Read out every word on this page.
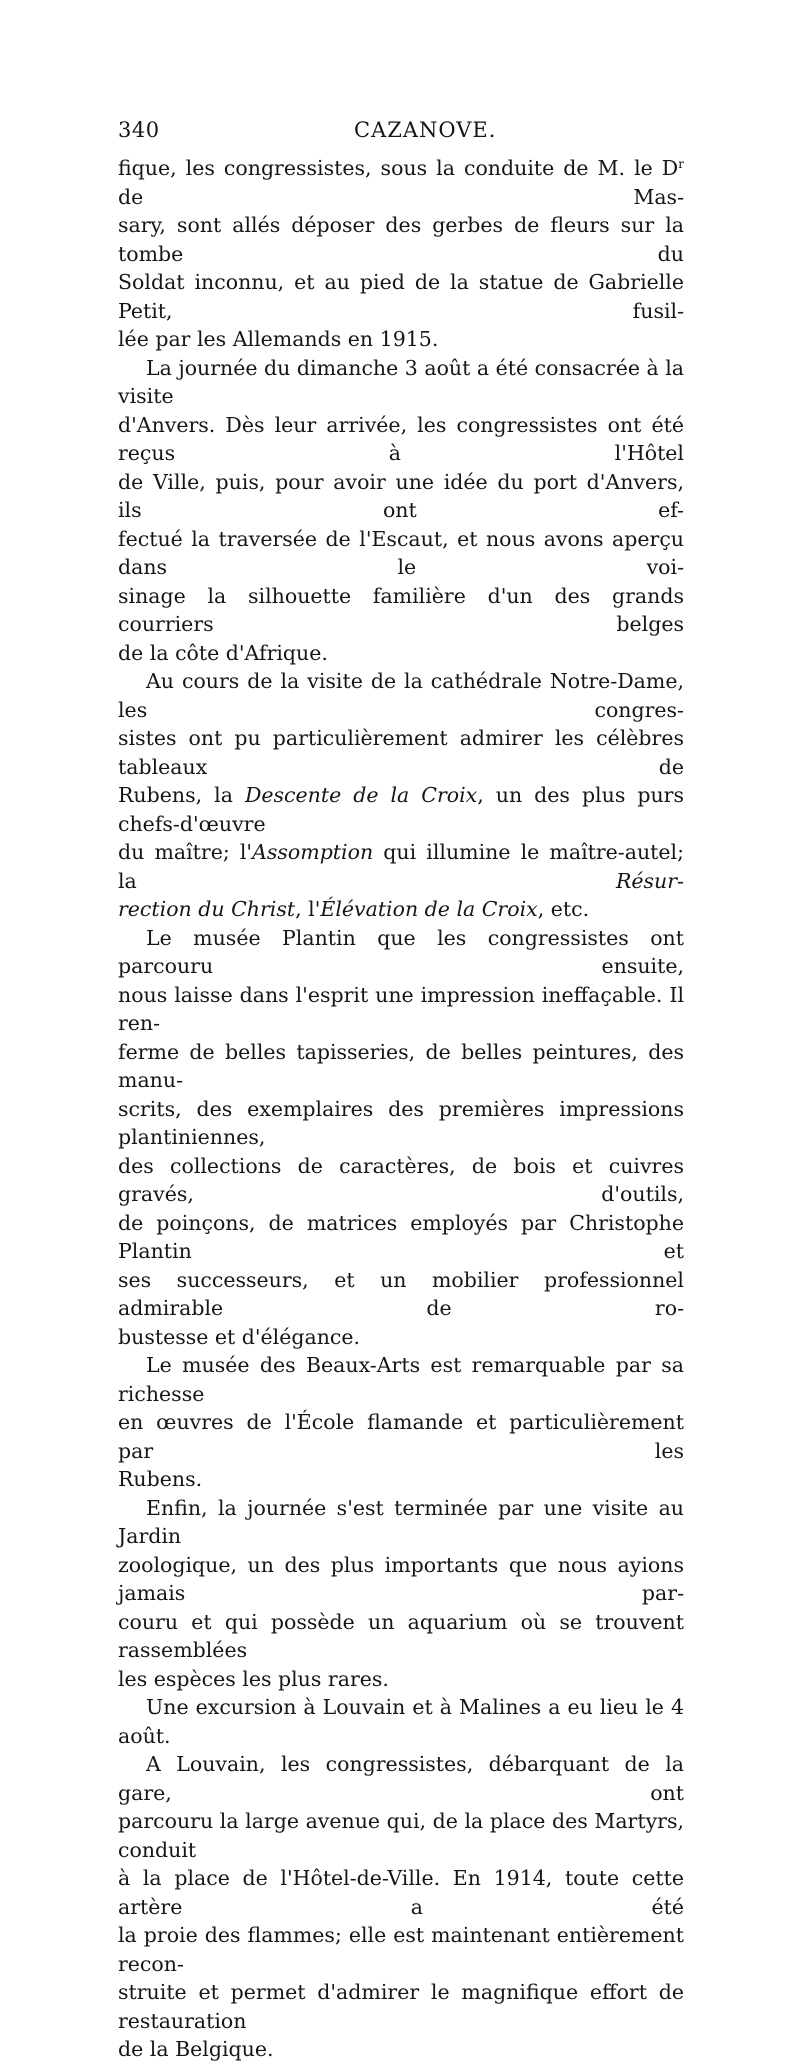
340	CAZANOVE.
fique, les congressistes, sous la conduite de M. le $D^r$ de Mas-
sary, sont allés déposer des gerbes de fleurs sur la tombe du
Soldat inconnu, et au pied de la statue de Gabrielle Petit, fusil-
lée par les Allemands en 1915.
La journée du dimanche 3 août a été consacrée à la visite
d'Anvers. Dès leur arrivée, les congressistes ont été reçus à l'Hôtel
de Ville, puis, pour avoir une idée du port d'Anvers, ils ont ef-
fectué la traversée de l'Escaut, et nous avons aperçu dans le voi-
sinage la silhouette familière d'un des grands courriers belges
de la côte d'Afrique.
Au cours de la visite de la cathédrale Notre-Dame, les congres-
sistes ont pu particulièrement admirer les célèbres tableaux de
Rubens, la Descente de la Croix, un des plus purs chefs-d'œuvre
du maître; l'Assomption qui illumine le maître-autel; la Résur-
rection du Christ, l'Élévation de la Croix, etc.
Le musée Plantin que les congressistes ont parcouru ensuite,
nous laisse dans l'esprit une impression ineffaçable. Il ren-
ferme de belles tapisseries, de belles peintures, des manu-
scrits, des exemplaires des premières impressions plantiniennes,
des collections de caractères, de bois et cuivres gravés, d'outils,
de poinçons, de matrices employés par Christophe Plantin et
ses successeurs, et un mobilier professionnel admirable de ro-
bustesse et d'élégance.
Le musée des Beaux-Arts est remarquable par sa richesse
en œuvres de l'École flamande et particulièrement par les
Rubens.
Enfin, la journée s'est terminée par une visite au Jardin
zoologique, un des plus importants que nous ayions jamais par-
couru et qui possède un aquarium où se trouvent rassemblées
les espèces les plus rares.
Une excursion à Louvain et à Malines a eu lieu le 4 août.
A Louvain, les congressistes, débarquant de la gare, ont
parcouru la large avenue qui, de la place des Martyrs, conduit
à la place de l'Hôtel-de-Ville. En 1914, toute cette artère a été
la proie des flammes; elle est maintenant entièrement recon-
struite et permet d'admirer le magnifique effort de restauration
de la Belgique.
